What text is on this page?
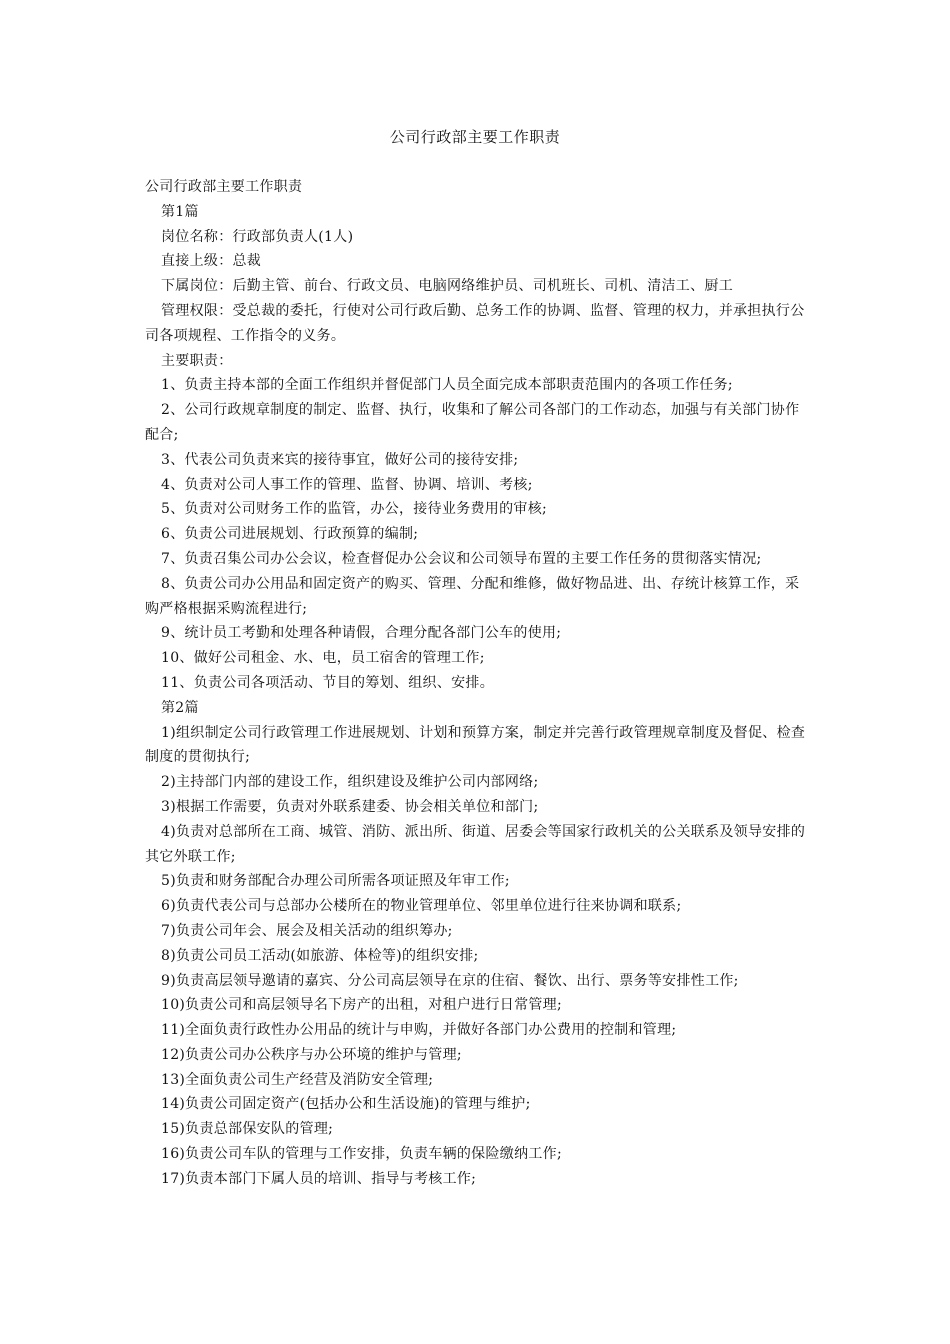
公司行政部主要工作职责

公司行政部主要工作职责

第1篇

岗位名称：行政部负责人(1人)

直接上级：总裁

下属岗位：后勤主管、前台、行政文员、电脑网络维护员、司机班长、司机、清洁工、厨工

管理权限：受总裁的委托，行使对公司行政后勤、总务工作的协调、监督、管理的权力，并承担执行公司各项规程、工作指令的义务。

主要职责：

1、负责主持本部的全面工作组织并督促部门人员全面完成本部职责范围内的各项工作任务;

2、公司行政规章制度的制定、监督、执行，收集和了解公司各部门的工作动态，加强与有关部门协作配合;

3、代表公司负责来宾的接待事宜，做好公司的接待安排;

4、负责对公司人事工作的管理、监督、协调、培训、考核;

5、负责对公司财务工作的监管，办公，接待业务费用的审核;

6、负责公司进展规划、行政预算的编制;

7、负责召集公司办公会议，检查督促办公会议和公司领导布置的主要工作任务的贯彻落实情况;

8、负责公司办公用品和固定资产的购买、管理、分配和维修，做好物品进、出、存统计核算工作，采购严格根据采购流程进行;

9、统计员工考勤和处理各种请假，合理分配各部门公车的使用;

10、做好公司租金、水、电，员工宿舍的管理工作;

11、负责公司各项活动、节目的筹划、组织、安排。

第2篇

1)组织制定公司行政管理工作进展规划、计划和预算方案，制定并完善行政管理规章制度及督促、检查制度的贯彻执行;

2)主持部门内部的建设工作，组织建设及维护公司内部网络;

3)根据工作需要，负责对外联系建委、协会相关单位和部门;

4)负责对总部所在工商、城管、消防、派出所、街道、居委会等国家行政机关的公关联系及领导安排的其它外联工作;

5)负责和财务部配合办理公司所需各项证照及年审工作;

6)负责代表公司与总部办公楼所在的物业管理单位、邻里单位进行往来协调和联系;

7)负责公司年会、展会及相关活动的组织筹办;

8)负责公司员工活动(如旅游、体检等)的组织安排;

9)负责高层领导邀请的嘉宾、分公司高层领导在京的住宿、餐饮、出行、票务等安排性工作;

10)负责公司和高层领导名下房产的出租，对租户进行日常管理;

11)全面负责行政性办公用品的统计与申购，并做好各部门办公费用的控制和管理;

12)负责公司办公秩序与办公环境的维护与管理;

13)全面负责公司生产经营及消防安全管理;

14)负责公司固定资产(包括办公和生活设施)的管理与维护;

15)负责总部保安队的管理;

16)负责公司车队的管理与工作安排，负责车辆的保险缴纳工作;

17)负责本部门下属人员的培训、指导与考核工作;
